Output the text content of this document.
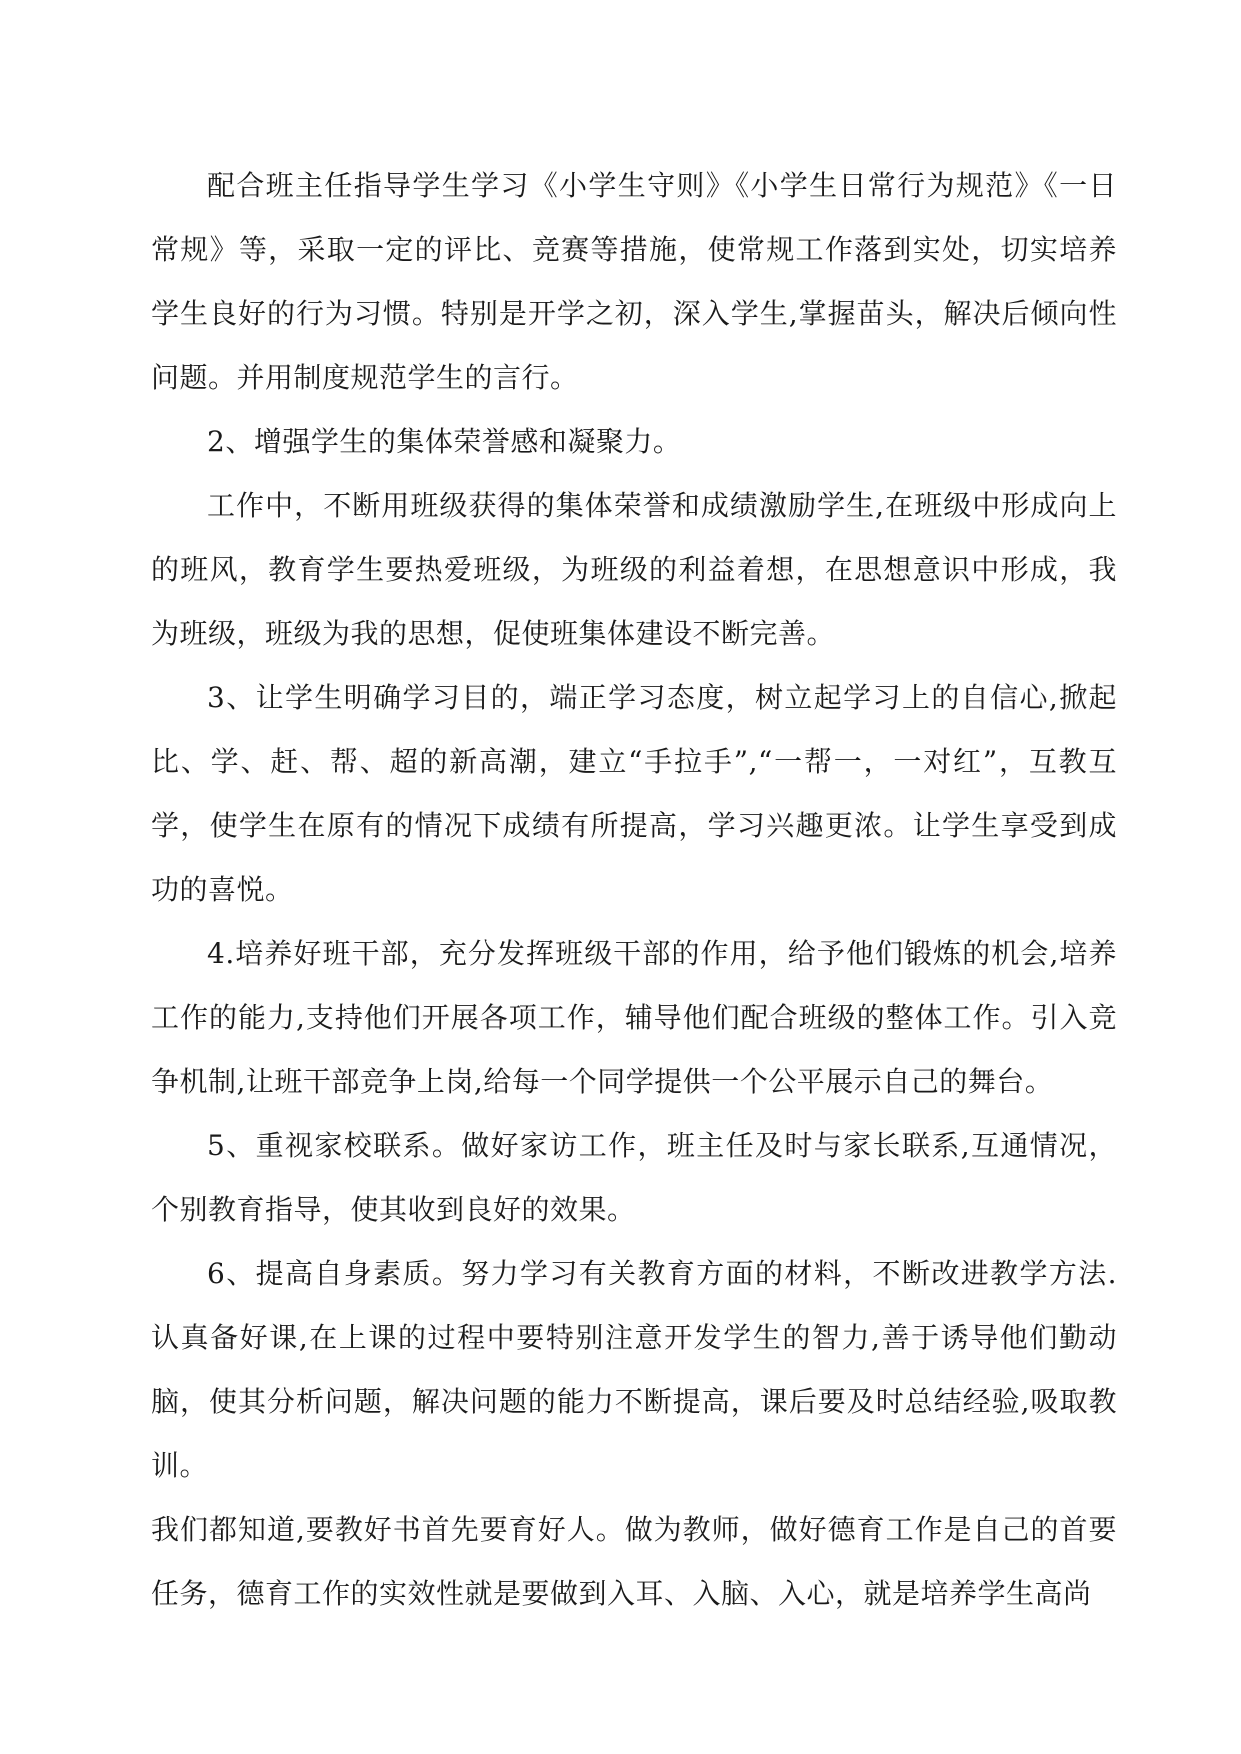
配合班主任指导学生学习《小学生守则》《小学生日常行为规范》《一日常规》等，采取一定的评比、竞赛等措施，使常规工作落到实处，切实培养学生良好的行为习惯。特别是开学之初，深入学生,掌握苗头，解决后倾向性问题。并用制度规范学生的言行。

2、增强学生的集体荣誉感和凝聚力。

工作中，不断用班级获得的集体荣誉和成绩激励学生,在班级中形成向上的班风，教育学生要热爱班级，为班级的利益着想，在思想意识中形成，我为班级，班级为我的思想，促使班集体建设不断完善。

3、让学生明确学习目的，端正学习态度，树立起学习上的自信心,掀起比、学、赶、帮、超的新高潮，建立“手拉手”,“一帮一，一对红”，互教互学，使学生在原有的情况下成绩有所提高，学习兴趣更浓。让学生享受到成功的喜悦。

4.培养好班干部，充分发挥班级干部的作用，给予他们锻炼的机会,培养工作的能力,支持他们开展各项工作，辅导他们配合班级的整体工作。引入竞争机制,让班干部竞争上岗,给每一个同学提供一个公平展示自己的舞台。

5、重视家校联系。做好家访工作，班主任及时与家长联系,互通情况，个别教育指导，使其收到良好的效果。

6、提高自身素质。努力学习有关教育方面的材料，不断改进教学方法.认真备好课,在上课的过程中要特别注意开发学生的智力,善于诱导他们勤动脑，使其分析问题，解决问题的能力不断提高，课后要及时总结经验,吸取教训。

我们都知道,要教好书首先要育好人。做为教师，做好德育工作是自己的首要任务，德育工作的实效性就是要做到入耳、入脑、入心，就是培养学生高尚
